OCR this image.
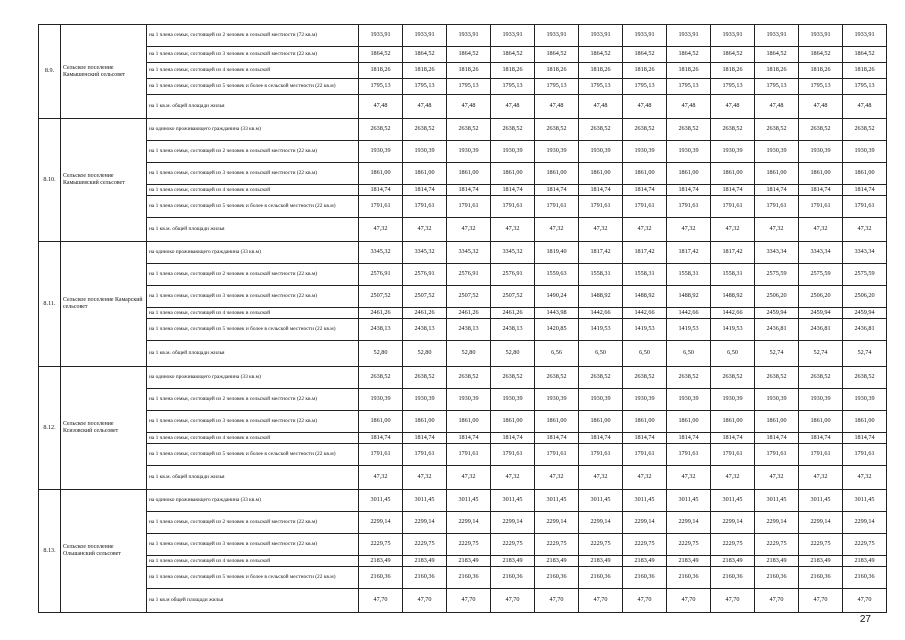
8.9.	Сельское поселение Камышенский сельсовет	на 1 члена семьи, состоящей из 2 человек в сельской местности (72 кв.м)	1933,91	1933,91	1933,91	1933,91	1933,91	1933,91	1933,91	1933,91	1933,91	1933,91	1933,91	1933,91
		на 1 члена семьи, состоящей из 3 человек в сельской местности (22 кв.м)	1864,52	1864,52	1864,52	1864,52	1864,52	1864,52	1864,52	1864,52	1864,52	1864,52	1864,52	1864,52
		на 1 члена семьи, состоящей из 4 человек в сельской	1818,26	1818,26	1818,26	1818,26	1818,26	1818,26	1818,26	1818,26	1818,26	1818,26	1818,26	1818,26
		на 1 члена семьи, состоящей из 5 человек и более в сельской местности (22 кв.м)	1795,13	1795,13	1795,13	1795,13	1795,13	1795,13	1795,13	1795,13	1795,13	1795,13	1795,13	1795,13
		на 1 кв.м. общей площади жилья	47,48	47,48	47,48	47,48	47,48	47,48	47,48	47,48	47,48	47,48	47,48	47,48
8.10.	Сельское поселение Камышевский сельсовет	на одиноко проживающего гражданина (33 кв.м)	2638,52	2638,52	2638,52	2638,52	2638,52	2638,52	2638,52	2638,52	2638,52	2638,52	2638,52	2638,52
		на 1 члена семьи, состоящей из 2 человек в сельской местности (22 кв.м)	1930,39	1930,39	1930,39	1930,39	1930,39	1930,39	1930,39	1930,39	1930,39	1930,39	1930,39	1930,39
		на 1 члена семьи, состоящей из 3 человек в сельской местности (22 кв.м)	1861,00	1861,00	1861,00	1861,00	1861,00	1861,00	1861,00	1861,00	1861,00	1861,00	1861,00	1861,00
		на 1 члена семьи, состоящей из 4 человек в сельской	1814,74	1814,74	1814,74	1814,74	1814,74	1814,74	1814,74	1814,74	1814,74	1814,74	1814,74	1814,74
		на 1 члена семьи, состоящей из 5 человек и более в сельской местности (22 кв.м)	1791,61	1791,61	1791,61	1791,61	1791,61	1791,61	1791,61	1791,61	1791,61	1791,61	1791,61	1791,61
		на 1 кв.м. общей площади жилья	47,32	47,32	47,32	47,32	47,32	47,32	47,32	47,32	47,32	47,32	47,32	47,32
8.11.	Сельское поселение Камарский сельсовет	на одиноко проживающего гражданина (33 кв.м)	3345,32	3345,32	3345,32	3345,32	1819,40	1817,42	1817,42	1817,42	1817,42	3343,34	3343,34	3343,34
		на 1 члена семьи, состоящей из 2 человек в сельской местности (22 кв.м)	2576,91	2576,91	2576,91	2576,91	1559,63	1558,31	1558,31	1558,31	1558,31	2575,59	2575,59	2575,59
		на 1 члена семьи, состоящей из 3 человек в сельской местности (22 кв.м)	2507,52	2507,52	2507,52	2507,52	1490,24	1488,92	1488,92	1488,92	1488,92	2506,20	2506,20	2506,20
		на 1 члена семьи, состоящей из 4 человек в сельской	2461,26	2461,26	2461,26	2461,26	1443,98	1442,66	1442,66	1442,66	1442,66	2459,94	2459,94	2459,94
		на 1 члена семьи, состоящей из 5 человек и более в сельской местности (22 кв.м)	2438,13	2438,13	2438,13	2438,13	1420,85	1419,53	1419,53	1419,53	1419,53	2436,81	2436,81	2436,81
		на 1 кв.м. общей площади жилья	52,80	52,80	52,80	52,80	6,56	6,50	6,50	6,50	6,50	52,74	52,74	52,74
8.12.	Сельское поселение Ксизовский сельсовет	на одиноко проживающего гражданина (33 кв.м)	2638,52	2638,52	2638,52	2638,52	2638,52	2638,52	2638,52	2638,52	2638,52	2638,52	2638,52	2638,52
		на 1 члена семьи, состоящей из 2 человек в сельской местности (22 кв.м)	1930,39	1930,39	1930,39	1930,39	1930,39	1930,39	1930,39	1930,39	1930,39	1930,39	1930,39	1930,39
		на 1 члена семьи, состоящей из 3 человек в сельской местности (22 кв.м)	1861,00	1861,00	1861,00	1861,00	1861,00	1861,00	1861,00	1861,00	1861,00	1861,00	1861,00	1861,00
		на 1 члена семьи, состоящей из 4 человек в сельской	1814,74	1814,74	1814,74	1814,74	1814,74	1814,74	1814,74	1814,74	1814,74	1814,74	1814,74	1814,74
		на 1 члена семьи, состоящей из 5 человек и более в сельской местности (22 кв.м)	1791,61	1791,61	1791,61	1791,61	1791,61	1791,61	1791,61	1791,61	1791,61	1791,61	1791,61	1791,61
		на 1 кв.м. общей площади жилья	47,32	47,32	47,32	47,32	47,32	47,32	47,32	47,32	47,32	47,32	47,32	47,32
8.13.	Сельское поселение Ольшанский сельсовет	на одиноко проживающего гражданина (33 кв.м)	3011,45	3011,45	3011,45	3011,45	3011,45	3011,45	3011,45	3011,45	3011,45	3011,45	3011,45	3011,45
		на 1 члена семьи, состоящей из 2 человек в сельской местности (22 кв.м)	2299,14	2299,14	2299,14	2299,14	2299,14	2299,14	2299,14	2299,14	2299,14	2299,14	2299,14	2299,14
		на 1 члена семьи, состоящей из 3 человек в сельской местности (22 кв.м)	2229,75	2229,75	2229,75	2229,75	2229,75	2229,75	2229,75	2229,75	2229,75	2229,75	2229,75	2229,75
		на 1 члена семьи, состоящей из 4 человек в сельской	2183,49	2183,49	2183,49	2183,49	2183,49	2183,49	2183,49	2183,49	2183,49	2183,49	2183,49	2183,49
		на 1 члена семьи, состоящей из 5 человек и более в сельской местности (22 кв.м)	2160,36	2160,36	2160,36	2160,36	2160,36	2160,36	2160,36	2160,36	2160,36	2160,36	2160,36	2160,36
		на 1 кв.м общей площади жилья	47,70	47,70	47,70	47,70	47,70	47,70	47,70	47,70	47,70	47,70	47,70	47,70
27
